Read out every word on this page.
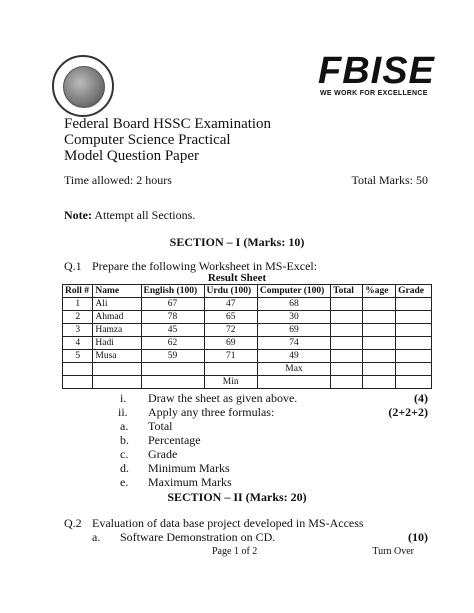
FBISE
WE WORK FOR EXCELLENCE
Federal Board HSSC Examination
Computer Science Practical
Model Question Paper
Time allowed: 2 hours	Total Marks: 50
Note: Attempt all Sections.
SECTION – I (Marks: 10)
Q.1 Prepare the following Worksheet in MS-Excel:
Result Sheet
Roll #	Name	English (100)	Urdu (100)	Computer (100)	Total	%age	Grade
1	Ali	67	47	68			
2	Ahmad	78	65	30			
3	Hamza	45	72	69			
4	Hadi	62	69	74			
5	Musa	59	71	49			
				Max			
			Min				
i. Draw the sheet as given above.	(4)
ii. Apply any three formulas:	(2+2+2)
a. Total
b. Percentage
c. Grade
d. Minimum Marks
e. Maximum Marks
SECTION – II (Marks: 20)
Q.2 Evaluation of data base project developed in MS-Access
a. Software Demonstration on CD.	(10)
Page 1 of 2	Turn Over
